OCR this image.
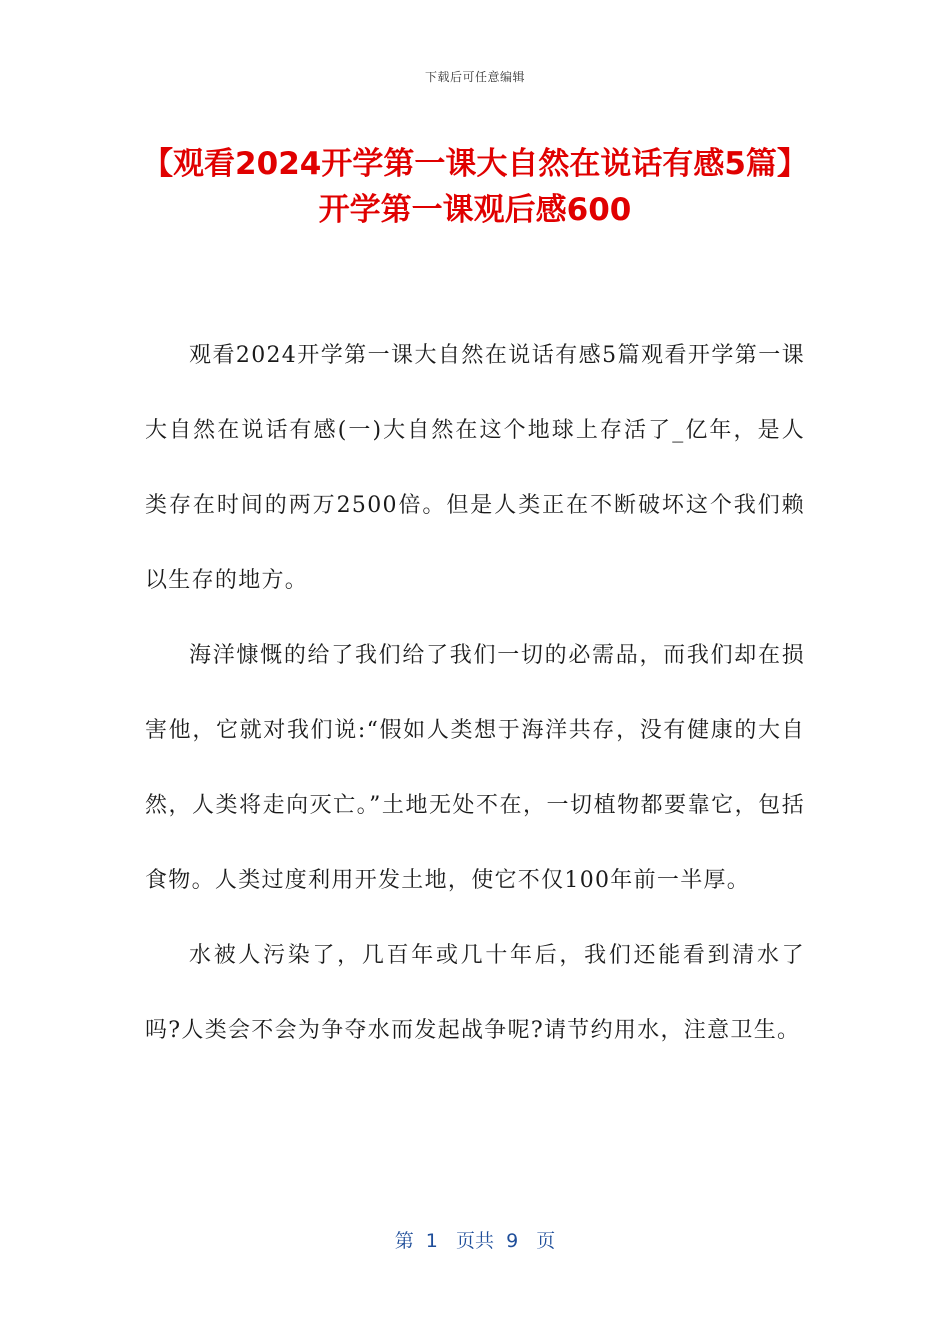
下载后可任意编辑
【观看2024开学第一课大自然在说话有感5篇】开学第一课观后感600

观看2024开学第一课大自然在说话有感5篇观看开学第一课大自然在说话有感(一)大自然在这个地球上存活了_亿年，是人类存在时间的两万2500倍。但是人类正在不断破坏这个我们赖以生存的地方。

海洋慷慨的给了我们给了我们一切的必需品，而我们却在损害他，它就对我们说:“假如人类想于海洋共存，没有健康的大自然，人类将走向灭亡。”土地无处不在，一切植物都要靠它，包括食物。人类过度利用开发土地，使它不仅100年前一半厚。

水被人污染了，几百年或几十年后，我们还能看到清水了吗?人类会不会为争夺水而发起战争呢?请节约用水，注意卫生。

第  1   页共  9   页
